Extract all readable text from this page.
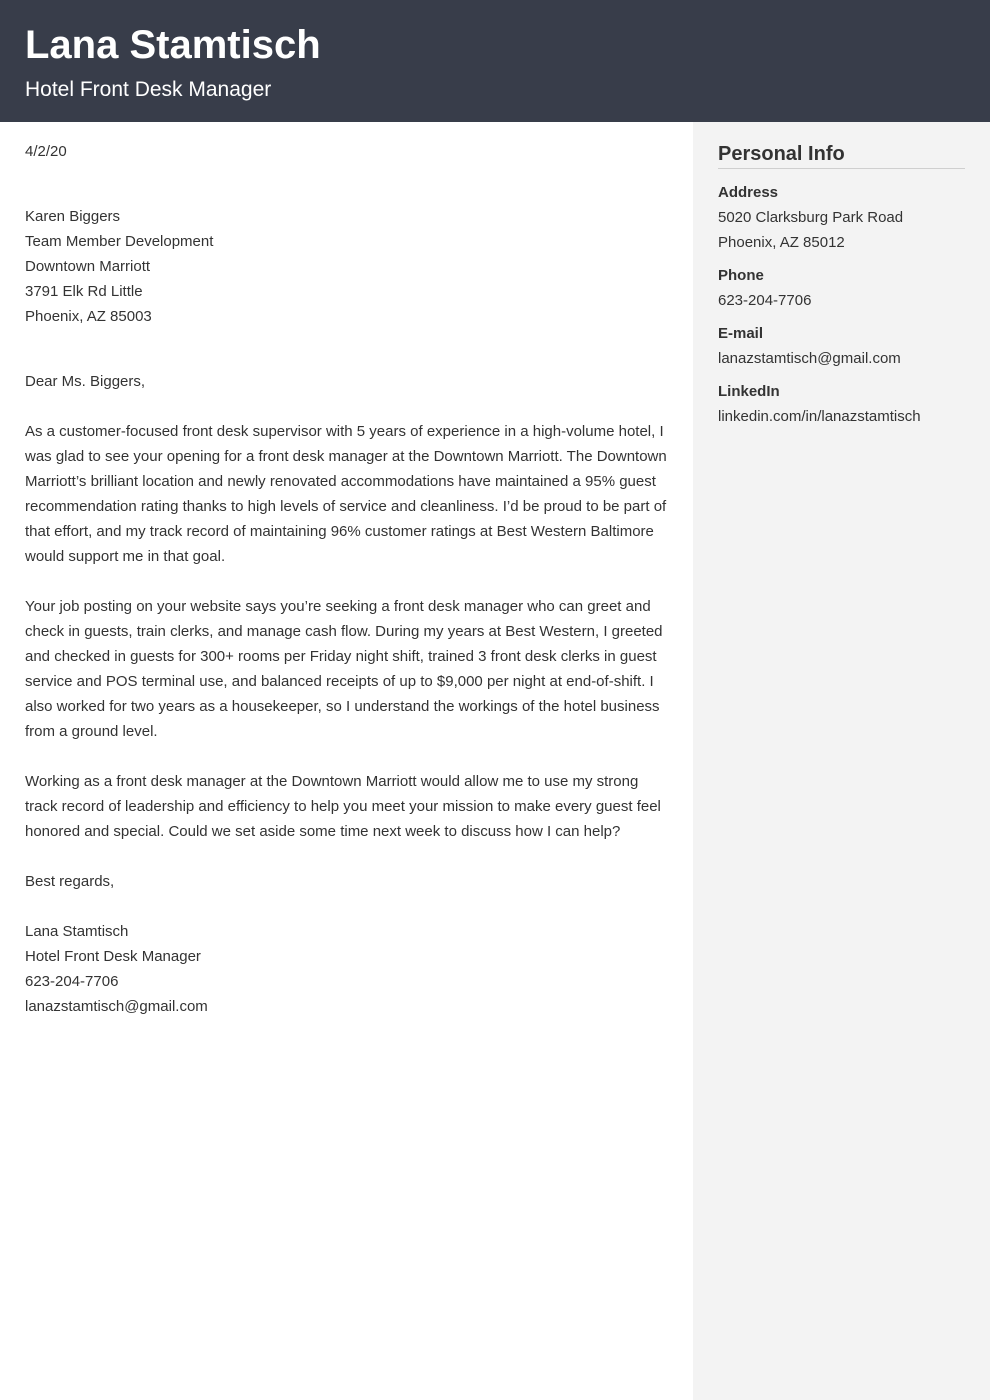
Lana Stamtisch
Hotel Front Desk Manager

4/2/20

Karen Biggers

Team Member Development

Downtown Marriott

3791 Elk Rd Little

Phoenix, AZ 85003

Dear Ms. Biggers,

As a customer-focused front desk supervisor with 5 years of experience in a high-volume hotel, I was glad to see your opening for a front desk manager at the Downtown Marriott. The Downtown Marriott’s brilliant location and newly renovated accommodations have maintained a 95% guest recommendation rating thanks to high levels of service and cleanliness. I’d be proud to be part of that effort, and my track record of maintaining 96% customer ratings at Best Western Baltimore would support me in that goal.

Your job posting on your website says you’re seeking a front desk manager who can greet and check in guests, train clerks, and manage cash flow. During my years at Best Western, I greeted and checked in guests for 300+ rooms per Friday night shift, trained 3 front desk clerks in guest service and POS terminal use, and balanced receipts of up to $9,000 per night at end-of-shift. I also worked for two years as a housekeeper, so I understand the workings of the hotel business from a ground level.

Working as a front desk manager at the Downtown Marriott would allow me to use my strong track record of leadership and efficiency to help you meet your mission to make every guest feel honored and special. Could we set aside some time next week to discuss how I can help?

Best regards,

Lana Stamtisch

Hotel Front Desk Manager

623-204-7706

lanazstamtisch@gmail.com

Personal Info
Address
5020 Clarksburg Park Road
Phoenix, AZ 85012
Phone
623-204-7706
E-mail
lanazstamtisch@gmail.com
LinkedIn
linkedin.com/in/lanazstamtisch
